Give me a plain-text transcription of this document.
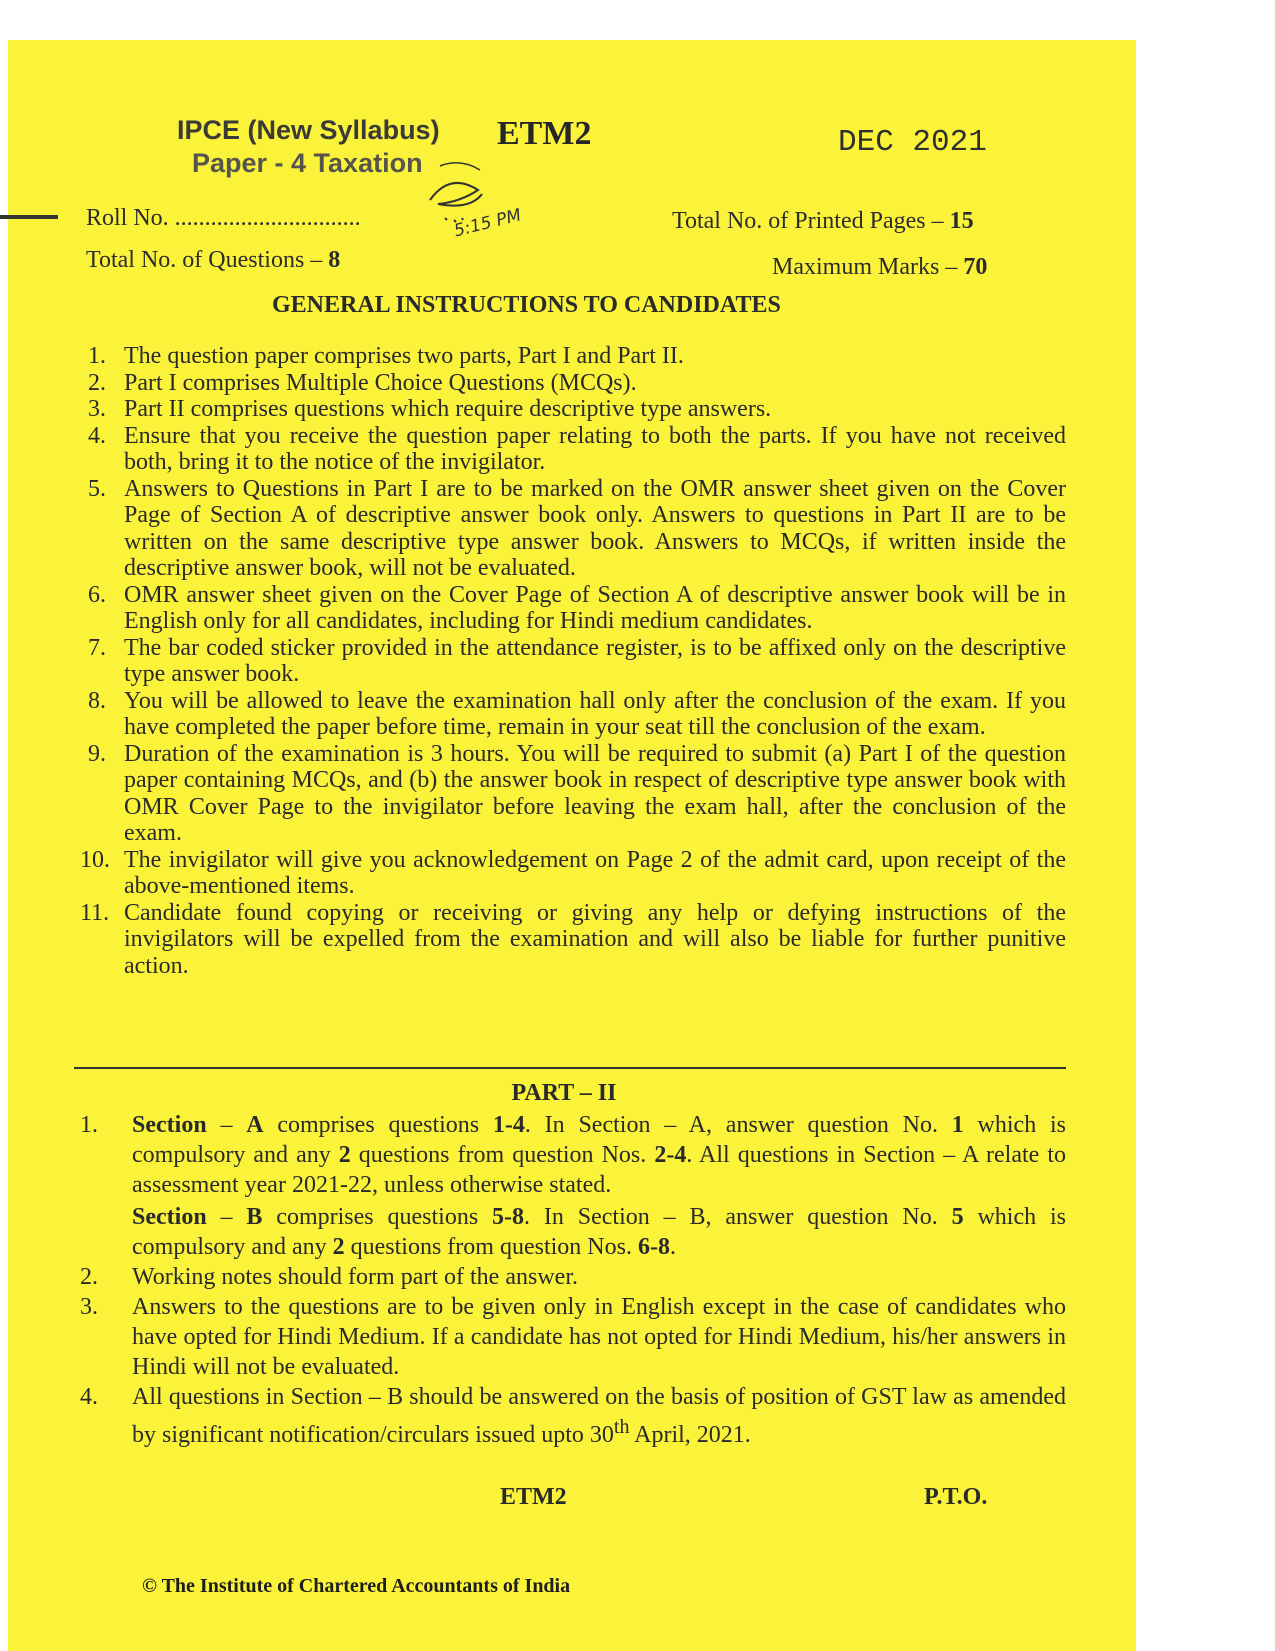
IPCE (New Syllabus)
Paper - 4 Taxation
ETM2	DEC 2021
5:15 PM
Roll No. ...............................	Total No. of Printed Pages – 15
Total No. of Questions – 8	Maximum Marks – 70
GENERAL INSTRUCTIONS TO CANDIDATES
1. The question paper comprises two parts, Part I and Part II.
2. Part I comprises Multiple Choice Questions (MCQs).
3. Part II comprises questions which require descriptive type answers.
4. Ensure that you receive the question paper relating to both the parts. If you have not received both, bring it to the notice of the invigilator.
5. Answers to Questions in Part I are to be marked on the OMR answer sheet given on the Cover Page of Section A of descriptive answer book only. Answers to questions in Part II are to be written on the same descriptive type answer book. Answers to MCQs, if written inside the descriptive answer book, will not be evaluated.
6. OMR answer sheet given on the Cover Page of Section A of descriptive answer book will be in English only for all candidates, including for Hindi medium candidates.
7. The bar coded sticker provided in the attendance register, is to be affixed only on the descriptive type answer book.
8. You will be allowed to leave the examination hall only after the conclusion of the exam. If you have completed the paper before time, remain in your seat till the conclusion of the exam.
9. Duration of the examination is 3 hours. You will be required to submit (a) Part I of the question paper containing MCQs, and (b) the answer book in respect of descriptive type answer book with OMR Cover Page to the invigilator before leaving the exam hall, after the conclusion of the exam.
10. The invigilator will give you acknowledgement on Page 2 of the admit card, upon receipt of the above-mentioned items.
11. Candidate found copying or receiving or giving any help or defying instructions of the invigilators will be expelled from the examination and will also be liable for further punitive action.
PART – II
1.	Section – A comprises questions 1-4. In Section – A, answer question No. 1 which is compulsory and any 2 questions from question Nos. 2-4. All questions in Section – A relate to assessment year 2021-22, unless otherwise stated.
Section – B comprises questions 5-8. In Section – B, answer question No. 5 which is compulsory and any 2 questions from question Nos. 6-8.
2.	Working notes should form part of the answer.
3.	Answers to the questions are to be given only in English except in the case of candidates who have opted for Hindi Medium. If a candidate has not opted for Hindi Medium, his/her answers in Hindi will not be evaluated.
4.	All questions in Section – B should be answered on the basis of position of GST law as amended by significant notification/circulars issued upto 30th April, 2021.
ETM2	P.T.O.
© The Institute of Chartered Accountants of India
